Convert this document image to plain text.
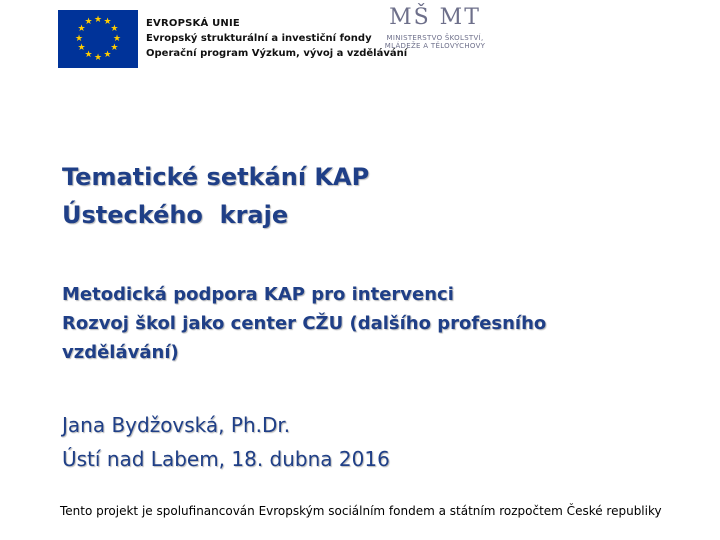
★ ★
★
★
★
★
★
★
★
★
★
★	EVROPSKÁ UNIE
Evropský strukturální a investiční fondy
Operační program Výzkum, vývoj a vzdělávání
MŠ MT
MINISTERSTVO ŠKOLSTVÍ,
MLÁDEŽE A TĚLOVÝCHOVY
Tematické setkání KAP
Ústeckého  kraje
Metodická podpora KAP pro intervenci
Rozvoj škol jako center CŽU (dalšího profesního
vzdělávání)
Jana Bydžovská, Ph.Dr.
Ústí nad Labem, 18. dubna 2016
Tento projekt je spolufinancován Evropským sociálním fondem a státním rozpočtem České republiky
